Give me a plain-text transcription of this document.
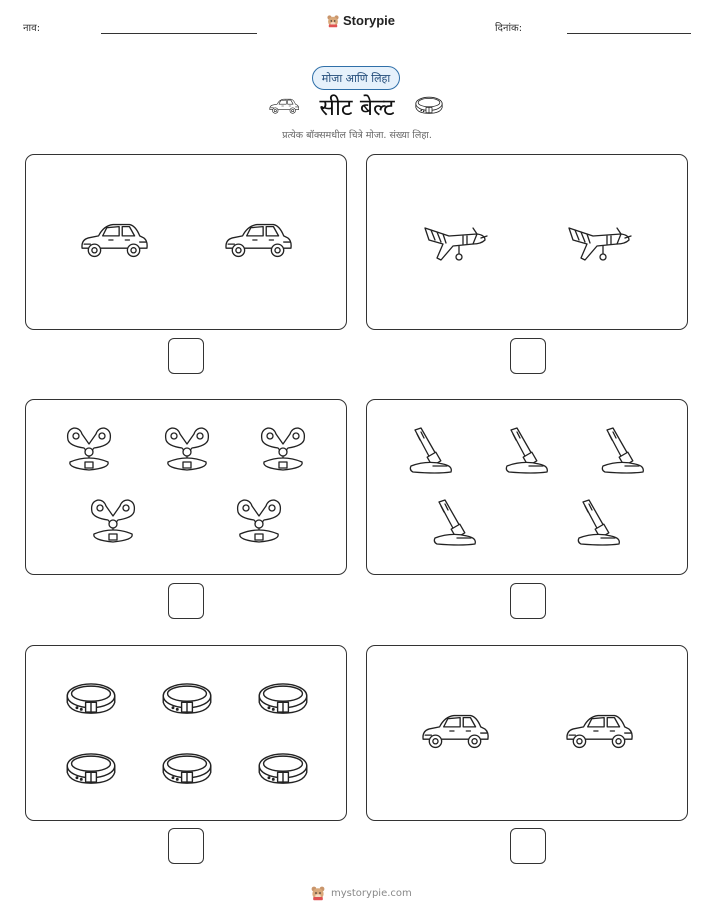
नाव:
Storypie
दिनांक:
मोजा आणि लिहा
सीट बेल्ट
प्रत्येक बॉक्समधील चित्रे मोजा. संख्या लिहा.
mystorypie.com
